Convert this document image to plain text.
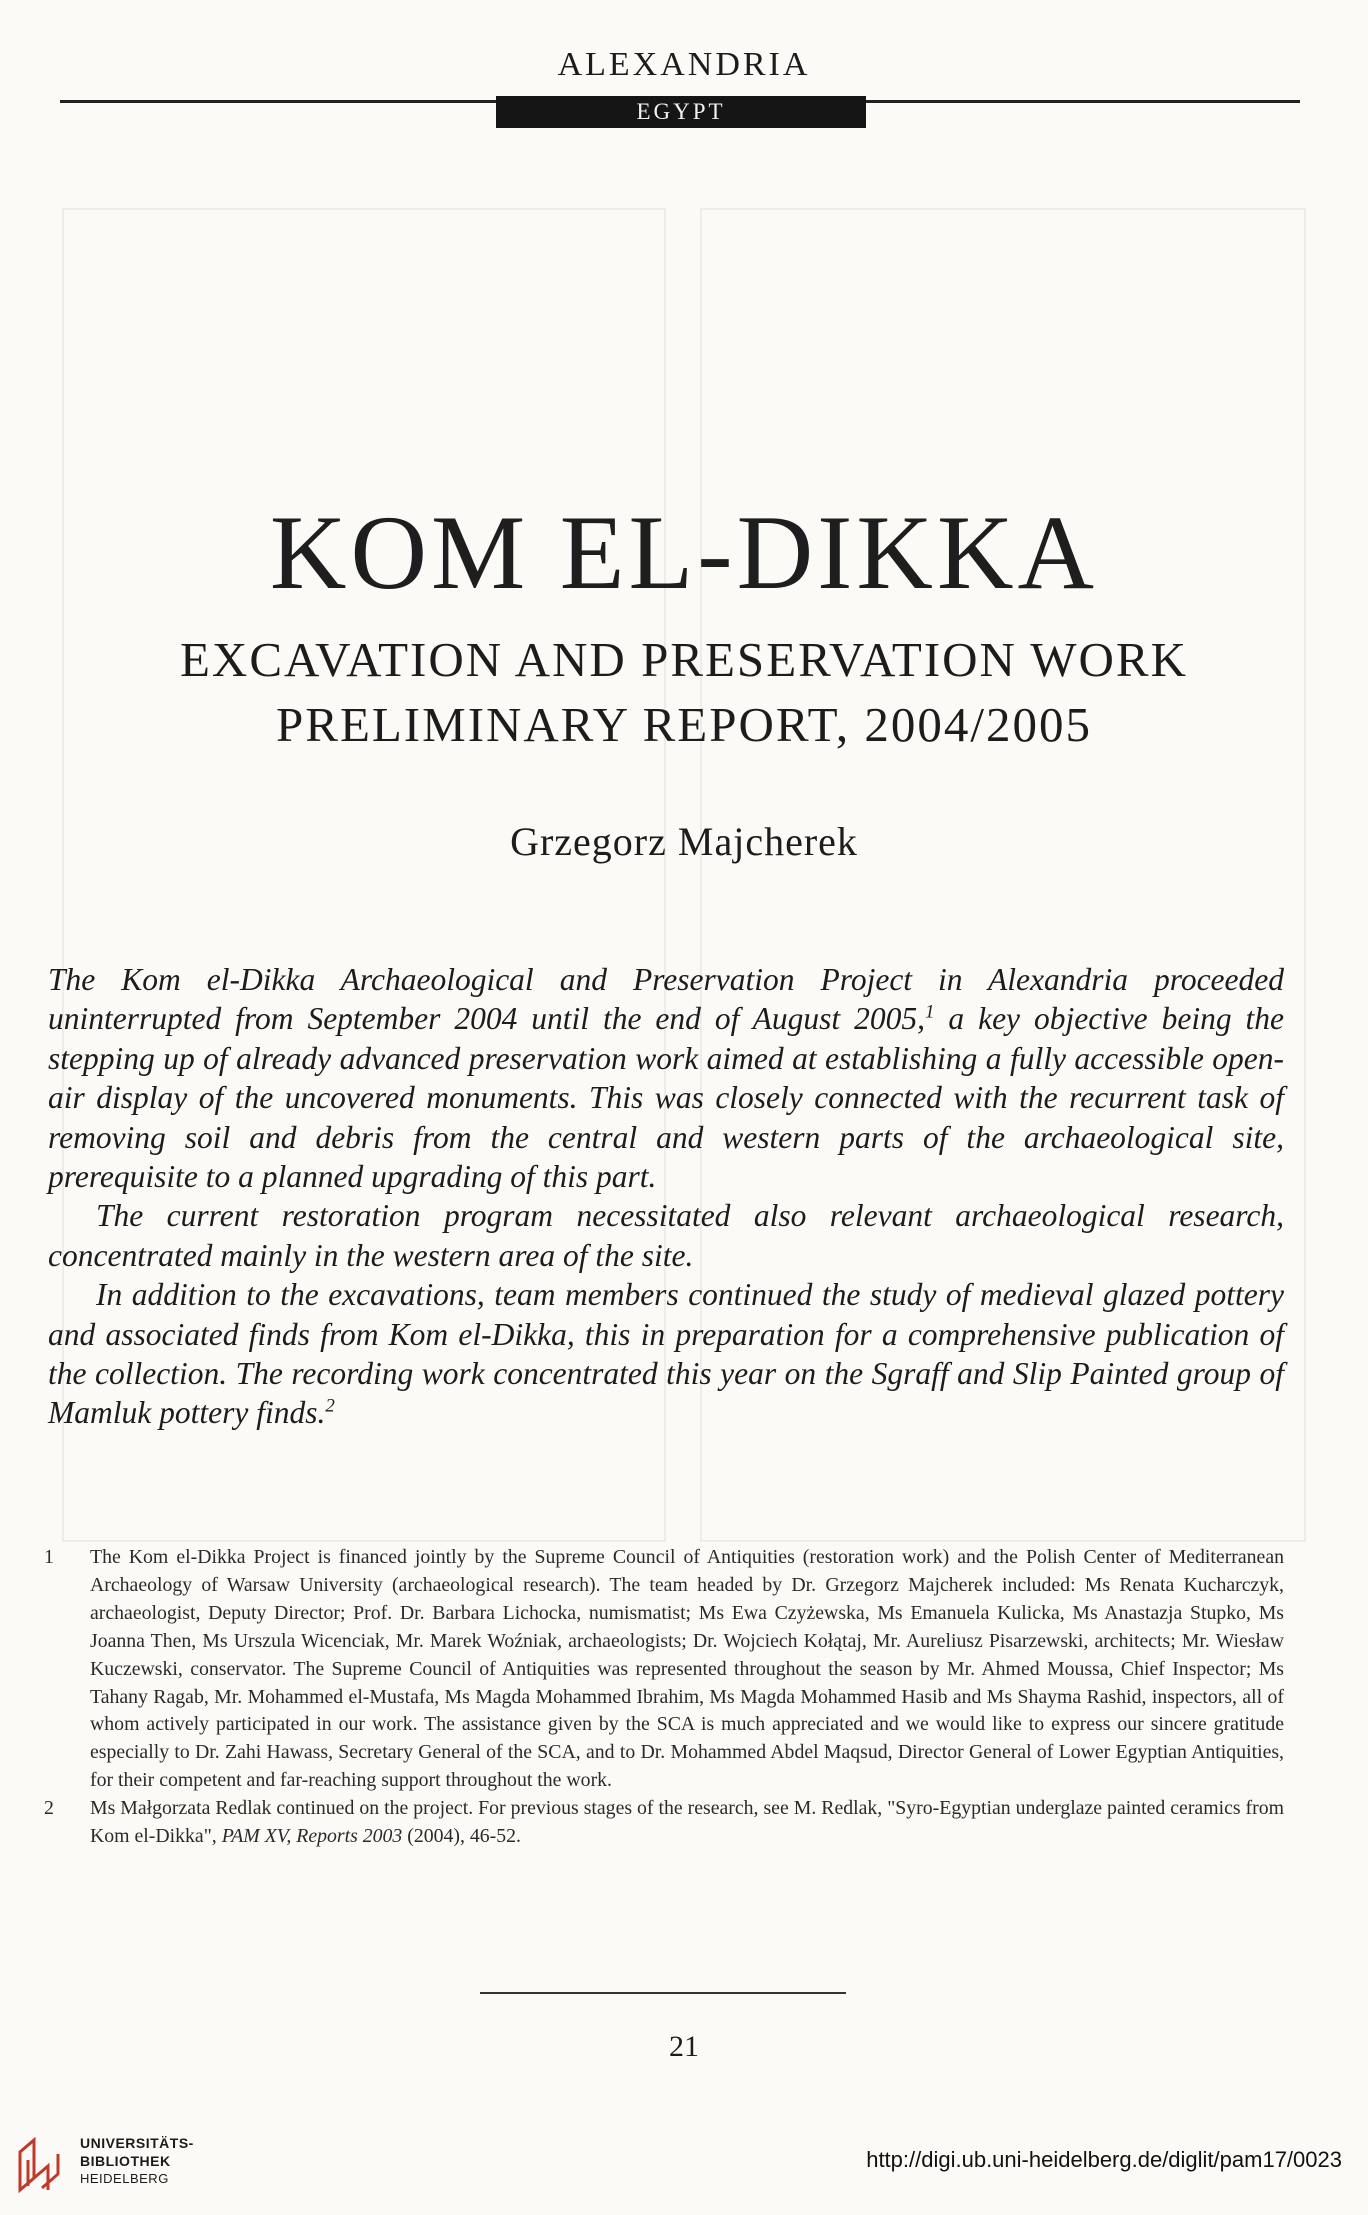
ALEXANDRIA
EGYPT
KOM EL-DIKKA
EXCAVATION AND PRESERVATION WORK
PRELIMINARY REPORT, 2004/2005
Grzegorz Majcherek

The Kom el-Dikka Archaeological and Preservation Project in Alexandria proceeded uninterrupted from September 2004 until the end of August 2005,$^1$ a key objective being the stepping up of already advanced preservation work aimed at establishing a fully accessible open-air display of the uncovered monuments. This was closely connected with the recurrent task of removing soil and debris from the central and western parts of the archaeological site, prerequisite to a planned upgrading of this part.

The current restoration program necessitated also relevant archaeological research, concentrated mainly in the western area of the site.

In addition to the excavations, team members continued the study of medieval glazed pottery and associated finds from Kom el-Dikka, this in preparation for a comprehensive publication of the collection. The recording work concentrated this year on the Sgraff and Slip Painted group of Mamluk pottery finds.$^2$

1 The Kom el-Dikka Project is financed jointly by the Supreme Council of Antiquities (restoration work) and the Polish Center of Mediterranean Archaeology of Warsaw University (archaeological research). The team headed by Dr. Grzegorz Majcherek included: Ms Renata Kucharczyk, archaeologist, Deputy Director; Prof. Dr. Barbara Lichocka, numismatist; Ms Ewa Czyżewska, Ms Emanuela Kulicka, Ms Anastazja Stupko, Ms Joanna Then, Ms Urszula Wicenciak, Mr. Marek Woźniak, archaeologists; Dr. Wojciech Kołątaj, Mr. Aureliusz Pisarzewski, architects; Mr. Wiesław Kuczewski, conservator. The Supreme Council of Antiquities was represented throughout the season by Mr. Ahmed Moussa, Chief Inspector; Ms Tahany Ragab, Mr. Mohammed el-Mustafa, Ms Magda Mohammed Ibrahim, Ms Magda Mohammed Hasib and Ms Shayma Rashid, inspectors, all of whom actively participated in our work. The assistance given by the SCA is much appreciated and we would like to express our sincere gratitude especially to Dr. Zahi Hawass, Secretary General of the SCA, and to Dr. Mohammed Abdel Maqsud, Director General of Lower Egyptian Antiquities, for their competent and far-reaching support throughout the work.
2 Ms Małgorzata Redlak continued on the project. For previous stages of the research, see M. Redlak, "Syro-Egyptian underglaze painted ceramics from Kom el-Dikka", PAM XV, Reports 2003 (2004), 46-52.
21
UNIVERSITÄTS-
BIBLIOTHEK
HEIDELBERG
http://digi.ub.uni-heidelberg.de/diglit/pam17/0023
